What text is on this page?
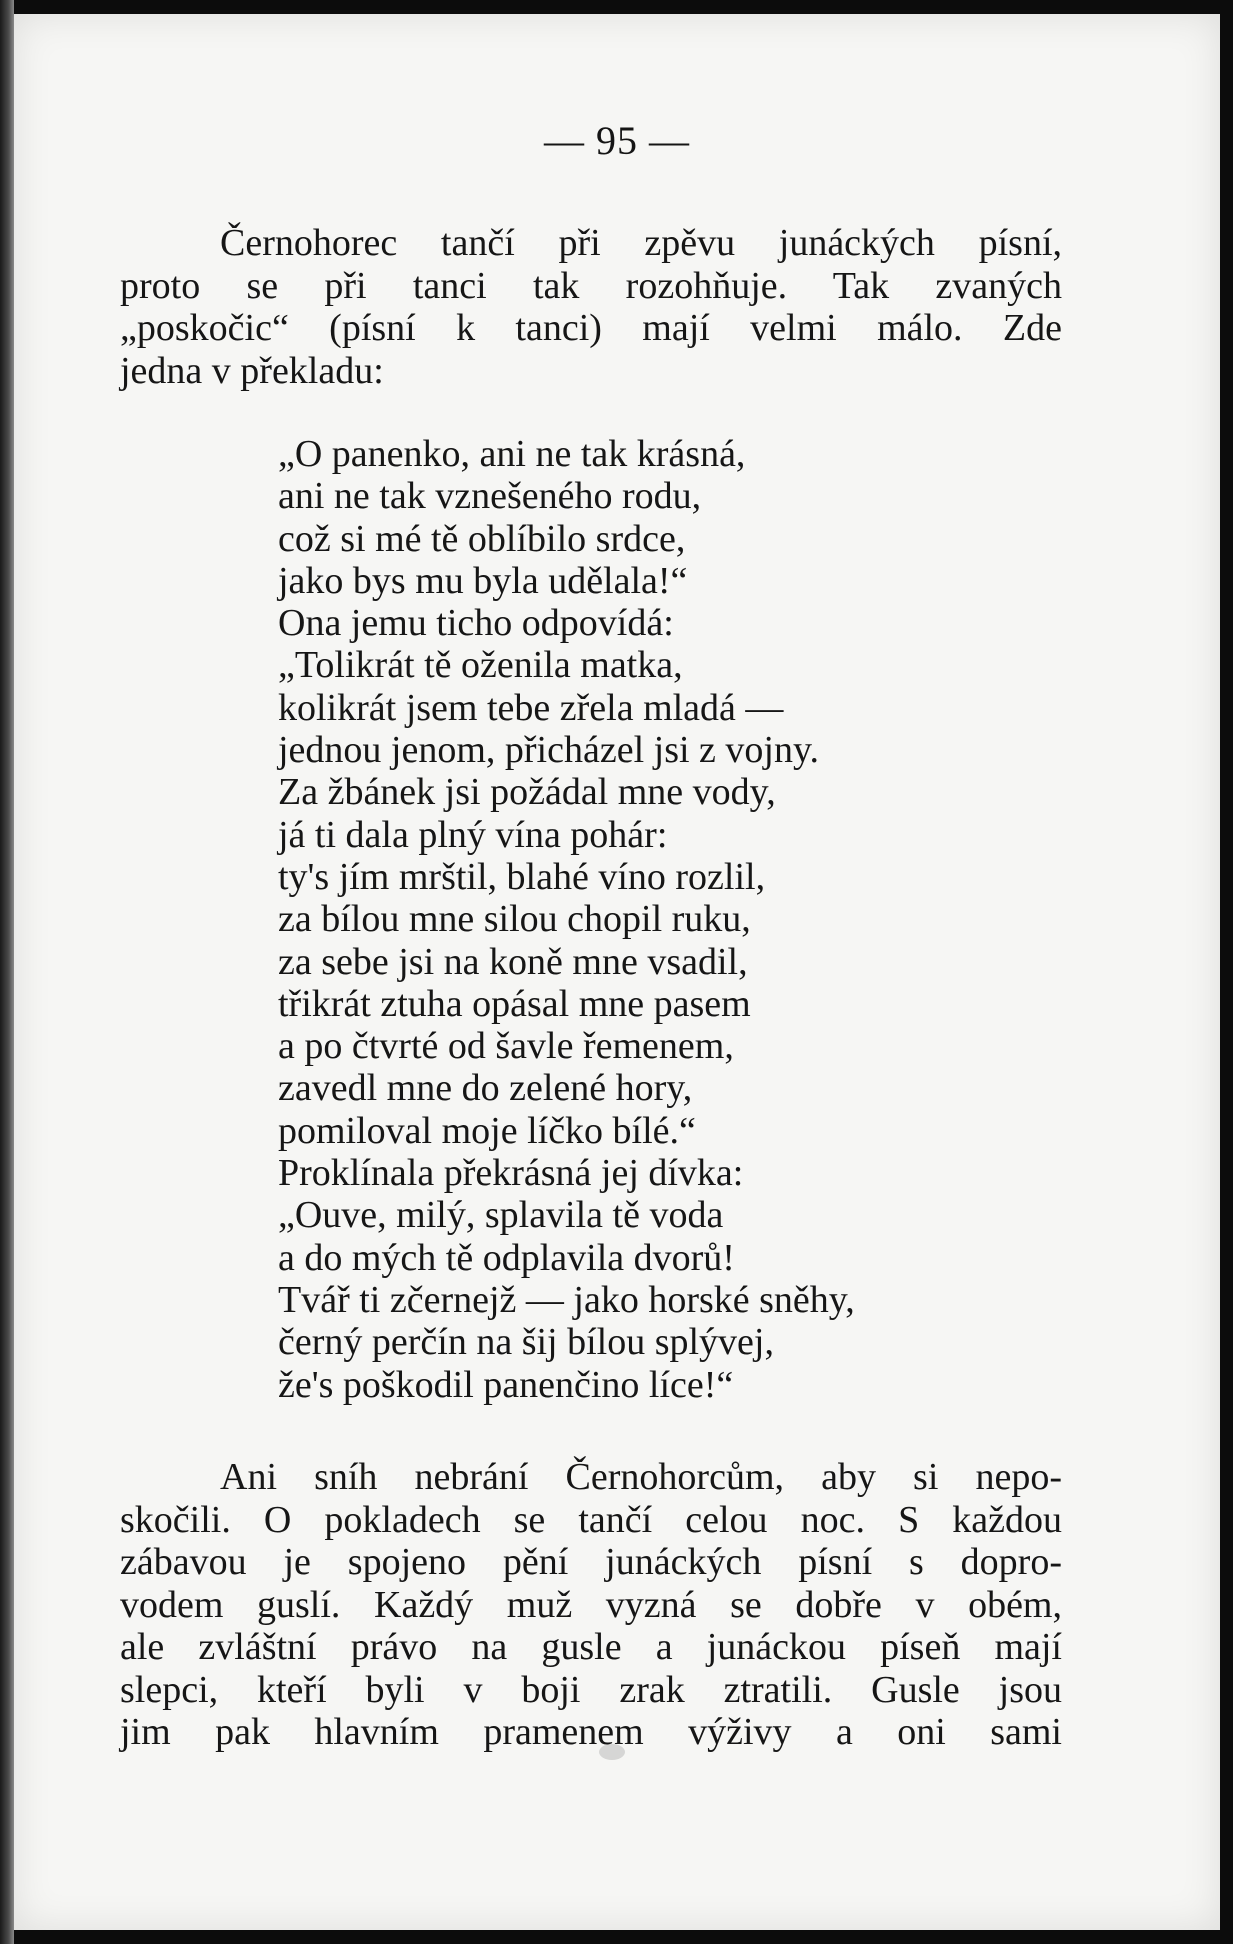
— 95 —

Černohorec tančí při zpěvu junáckých písní,
proto se při tanci tak rozohňuje. Tak zvaných
„poskočic“ (písní k tanci) mají velmi málo. Zde
jedna v překladu:

„O panenko, ani ne tak krásná,
ani ne tak vznešeného rodu,
což si mé tě oblíbilo srdce,
jako bys mu byla udělala!“
Ona jemu ticho odpovídá:
„Tolikrát tě oženila matka,
kolikrát jsem tebe zřela mladá —
jednou jenom, přicházel jsi z vojny.
Za žbánek jsi požádal mne vody,
já ti dala plný vína pohár:
ty's jím mrštil, blahé víno rozlil,
za bílou mne silou chopil ruku,
za sebe jsi na koně mne vsadil,
třikrát ztuha opásal mne pasem
a po čtvrté od šavle řemenem,
zavedl mne do zelené hory,
pomiloval moje líčko bílé.“
Proklínala překrásná jej dívka:
„Ouve, milý, splavila tě voda
a do mých tě odplavila dvorů!
Tvář ti zčernejž — jako horské sněhy,
černý perčín na šij bílou splývej,
že's poškodil panenčino líce!“

Ani sníh nebrání Černohorcům, aby si nepo-
skočili. O pokladech se tančí celou noc. S každou
zábavou je spojeno pění junáckých písní s dopro-
vodem guslí. Každý muž vyzná se dobře v obém,
ale zvláštní právo na gusle a junáckou píseň mají
slepci, kteří byli v boji zrak ztratili. Gusle jsou
jim pak hlavním pramenem výživy a oni sami
